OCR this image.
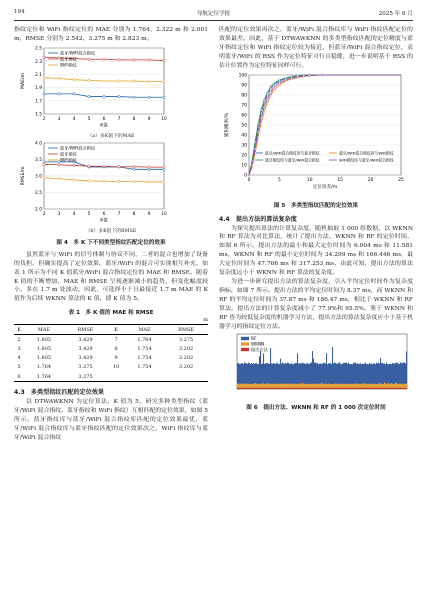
194	导航定位学报	2025 年 6 月

指纹定位和 WiFi 指纹定位的 MAE 分别为 1.764、2.322 m 和 2.001 m，RMSE 分别为 2.542、3.275 m 和 2.823 m。

1.5
1.7
1.9
2.1
2.3
2.5
2	3	4	5	6	7	8	9 10
K值
MAE/m
蓝牙/WiFi混合指纹
蓝牙指纹
WiFi指纹
（a）多K值下的MAE
2.0
2.5
3.0
3.5
4.0
2	3	4	5	6	7	8	9 10
K值
RMSE/m
蓝牙/WiFi混合指纹
蓝牙指纹
WiFi指纹
（b）多K值下的RMSE
图 4　多 K 下不同类型指纹匹配定位的效果

虽然蓝牙与 WiFi 的信号体制与协议不同，二者的混合也增加了设备的负担，但确实提高了定位效果。蓝牙/WiFi 的混合可实现相互补充，如表 1 所示为不同 K 值蓝牙/WiFi 混合指纹定位的 MAE 和 RMSE。随着 K 值的不断增加，MAE 和 RMSE 呈现逐渐减小的趋势，但变化幅度较小，多在 1.7 m 处波动，因此，可选择小于且最接近 1.7 m MAE 的 K 值作为后续 WKNN 算法的 K 值，即 K 值为 5。

表 1　多 K 值的 MAE 和 RMSE
m
K	MAE	RMSE	K	MAE	RMSE
2	1.805	3.429	7	1.764	3.275
3	1.805	3.429	8	1.754	3.202
4	1.805	3.429	9	1.754	3.202
5	1.764	3.275	10	1.754	3.202
6	1.764	3.275			
4.3　多类型指纹匹配的定位效果

以 DTWAWKNN 为定位算法，K 值为 5，研究多种类型指纹（蓝牙/WiFi 混合指纹、蓝牙指纹和 WiFi 指纹）互相匹配的定位效果，如图 5 所示。蓝牙指纹库与蓝牙/WiFi 混合指纹库匹配的定位效果最优，蓝牙/WiFi 混合指纹库与蓝牙指纹匹配的定位效果次之，WiFi 指纹库与蓝牙/WiFi 混合指纹

匹配的定位效果再次之，蓝牙/WiFi 混合指纹库与 WiFi 指纹匹配定位的效果最差。因此，基于 DTWAWKNN 的多类型指纹匹配的定位精度与蓝牙指纹定位和 WiFi 指纹定位较为接近，但蓝牙/WiFi 混合指纹定位，表明蓝牙/WiFi 的 RSS 作为定位特征可行且稳健，进一步说明基于 RSS 的估计位置作为定位特征同样可行。

0
10
20
30
40
50
60
70
80
90
100
0	5	10	15	20	25
定位误差/m
累积概率/%
蓝牙/WiFi混合指纹库与蓝牙指纹	蓝牙/WiFi混合指纹库与WiFi指纹
蓝牙指纹库与蓝牙/WiFi混合指纹	WiFi指纹库与蓝牙/WiFi混合指纹
图 5　多类型指纹匹配的定位效果
4.4　提出方法的算法复杂度

为探究提出算法的计算复杂度，随机抽取 1 000 组数据，以 WKNN 和 RF 算法为对比算法，统计了提出方法、WKNN 和 RF 的定位时间，如图 6 所示。提出方法的最小和最大定位时间为 6.004 ms 和 11.581 ms，WKNN 和 RF 的最小定位时间为 34.299 ms 和 166.446 ms，最大定位时间为 47.706 ms 和 317.253 ms，由此可知，提出方法的算法复杂度远小于 WKNN 和 RF 算法的复杂度。

为进一步研究提出方法的算法复杂度，引入平均定位时间作为复杂度指标，如图 7 所示。提出方法的平均定位时间为 8.37 ms，而 WKNN 和 RF 的平均定位时间为 37.87 ms 和 186.47 ms，相比于 WKNN 和 RF 算法，提出方法的计算复杂度减小了 77.9%和 95.5%。鉴于 WKNN 和 RF 皆为较低复杂度的机器学习方法，提出方法的算法复杂度应小于基于机器学习的指纹定位方法。

RF
WKNN
提出方法
图 6　提出方法、WKNN 和 RF 的 1 000 次定位时间
